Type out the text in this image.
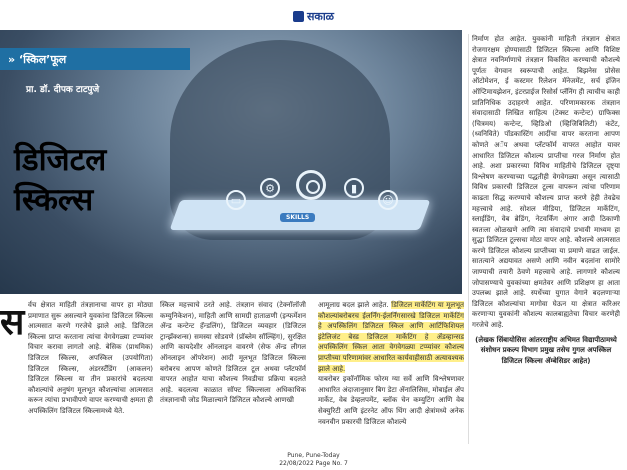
सकाळ
SKILLS
▭
⚙	▮
☺
» ‘स्किल’फूल
प्रा. डॉ. दीपक टाटपुजे
डिजिटल
स्किल्स
स र्वच क्षेत्रात माहिती तंत्रज्ञानाचा वापर हा मोठ्या प्रमाणात सुरू असल्याने युवकांना डिजिटल स्किल्स आत्मसात करणे गरजेचे झाले आहे. डिजिटल स्किल्स प्राप्त करताना त्यांचा वेगवेगळ्या टप्प्यांवर विचार करावा लागतो आहे. बेसिक (प्राथमिक) डिजिटल स्किल्स, अपस्किल (उपयोगिता) डिजिटल स्किल्स, अंडरस्टँडिंग (आकलन) डिजिटल स्किल्स या तीन प्रकारांचे बदलत्या कौशल्यांचे अनुषंग मूलभूत कौशल्यांचा आत्मसात करून त्यांचा प्रभावीपणे वापर करण्याची क्षमता ही अपस्किलिंग डिजिटल स्किल्समध्ये येते.

स्किल महत्त्वाचे ठरते आहे. तंत्रज्ञान संवाद (टेक्नॉलॉजी कम्युनिकेशन), माहिती आणि सामग्री हाताळणी (इन्फर्मेशन ॲन्ड कन्टेन्ट हॅन्डलिंग), डिजिटल व्यवहार (डिजिटल ट्रान्झॅक्शन्स) समस्या सोडवणे (प्रॉब्लेम सॉल्व्हिंग), सुरक्षित आणि कायदेशीर ऑनलाइन वावरणे (सेफ ॲन्ड लीगल ऑनलाइन ऑपरेशन) आदी मूलभूत डिजिटल स्किल्स बरोबरच आपण कोणते डिजिटल टूल अथवा प्लॅटफॉर्म वापरत आहोत याचा कौशल्य निवडीचा प्रक्रिया बदलते आहे. बदलत्या काळात सॉफ्ट स्किल्सला अधिकाधिक तंत्रज्ञानाची जोड मिळाल्याने डिजिटल कौशल्ये आणखी

आमूलाग्र बदल झाले आहेत. डिजिटल मार्केटिंग या मूलभूत कौशल्यांबरोबरच ईलर्निंग-ईलर्निंगसारखे डिजिटल मार्केटिंग हे अपस्किलिंग डिजिटल स्किल आणि आर्टिफिशियल इंटेलिजंट बेस्ड डिजिटल मार्केटिंग हे ॲडव्हान्सड अपस्किलिंग स्किल आता वेगवेगळ्या टप्प्यांवर कौशल्य प्राप्तीच्या परिणामांवर आधारित कार्यवाहीसाठी अत्यावश्यक झाले आहे.

याबरोबर इकॉनॉमिक फोरम ग्या सर्वे आणि विश्लेषणावर आधारित अंदाजानुसार बिग डेटा ॲनालिसिस, मोबाईल ॲप मार्केट, वेब डेव्हलपमेंट, ब्लॉक चेन कम्युटिंग आणि वेब सेक्युरिटी आणि इंटरनेट ऑफ थिंग आदी क्षेत्रांमध्ये अनेक नवनवीन प्रकारची डिजिटल कौशल्ये

निर्माण होत आहेत. युवकांनी माहिती तंत्रज्ञान क्षेत्रात रोजगारक्षम होण्यासाठी डिजिटल स्किल्स आणि विशिष्ट क्षेत्रात नवनिर्माणाचे तंत्रज्ञान विकसित करण्याची कौशल्ये पूर्णतः वेगवान स्वरूपाची आहेत. बिझनेस प्रोसेस ऑटोमेशन, ई कस्टमर रिलेशन मॅनेजमेंट, सर्च इंजिन ऑप्टिमायझेशन, इंटरप्राईज रिसोर्स प्लॅनिंग ही त्याचीच काही प्रातिनिधिक उदाहरणे आहेत. परिणामकारक तंत्रज्ञान संवादासाठी लिखित साहित्य (टेक्स्ट कन्टेन्ट) ग्राफिक्स (चित्रमय) कन्टेन्ट, व्हिडिओ (व्हिजिबिलिटी) कंटेंट, (ध्वनिविते) पॉडकास्टिंग आदींचा वापर करताना आपण कोणते अॅप अथवा प्लॅटफॉर्म वापरत आहोत यावर आधारित डिजिटल कौशल्य प्राप्तीचा गरज निर्माण होत आहे. अशा प्रकारच्या विविध माहितीचे डिजिटल दृष्ट्या विश्लेषण करण्याच्या पद्धतीही वेगवेगळ्या असून त्यासाठी विविध प्रकारची डिजिटल टूल्स वापरून त्यांचा परिणाम काढता सिद्ध करण्याचे कौशल्य प्राप्त करणे हेही तेवढेच महत्त्वाचे आहे. सोशल मीडिया, डिजिटल मार्केटिंग, स्लाईडिंग, वेब ब्रेडिंग, नेटवर्किंग अंगार आदी ठिकाणी स्वतःला ओळखणे आणि त्या संवादाचे प्रभावी माध्यम हा सुद्धा डिजिटल टूल्सचा मोठा वापर आहे. कौशल्ये आत्मसात करणे डिजिटल कौशल्य प्राप्तीच्या या प्रमाणे वाढत जाईल. सातत्याने अद्ययावत असणे आणि नवीन बदलांना सामोरे जाण्याची तयारी ठेवणे महत्त्वाचे आहे. लागणारे कौशल्य जोपासण्याचे युवकांच्या क्षमतेवर आणि प्रशिक्षण हा आता उपलब्ध झाले आहे. स्पर्धेच्या युगात वेगाने बदलणाऱ्या डिजिटल कौशल्यांचा मागोवा घेऊन या क्षेत्रात करिअर करणाऱ्या युवकांनी कौशल्य कालबाह्यतेचा विचार करणेही गरजेचे आहे.

(लेखक सिंबायोसिस आंतरराष्ट्रीय अभिमत विद्यापीठामध्ये संशोधन प्रकल्प विभाग प्रमुख तसेच गुगल अपस्किल डिजिटल स्किल्स ॲम्बेसिडर आहेत)

Pune, Pune-Today
22/08/2022 Page No. 7
